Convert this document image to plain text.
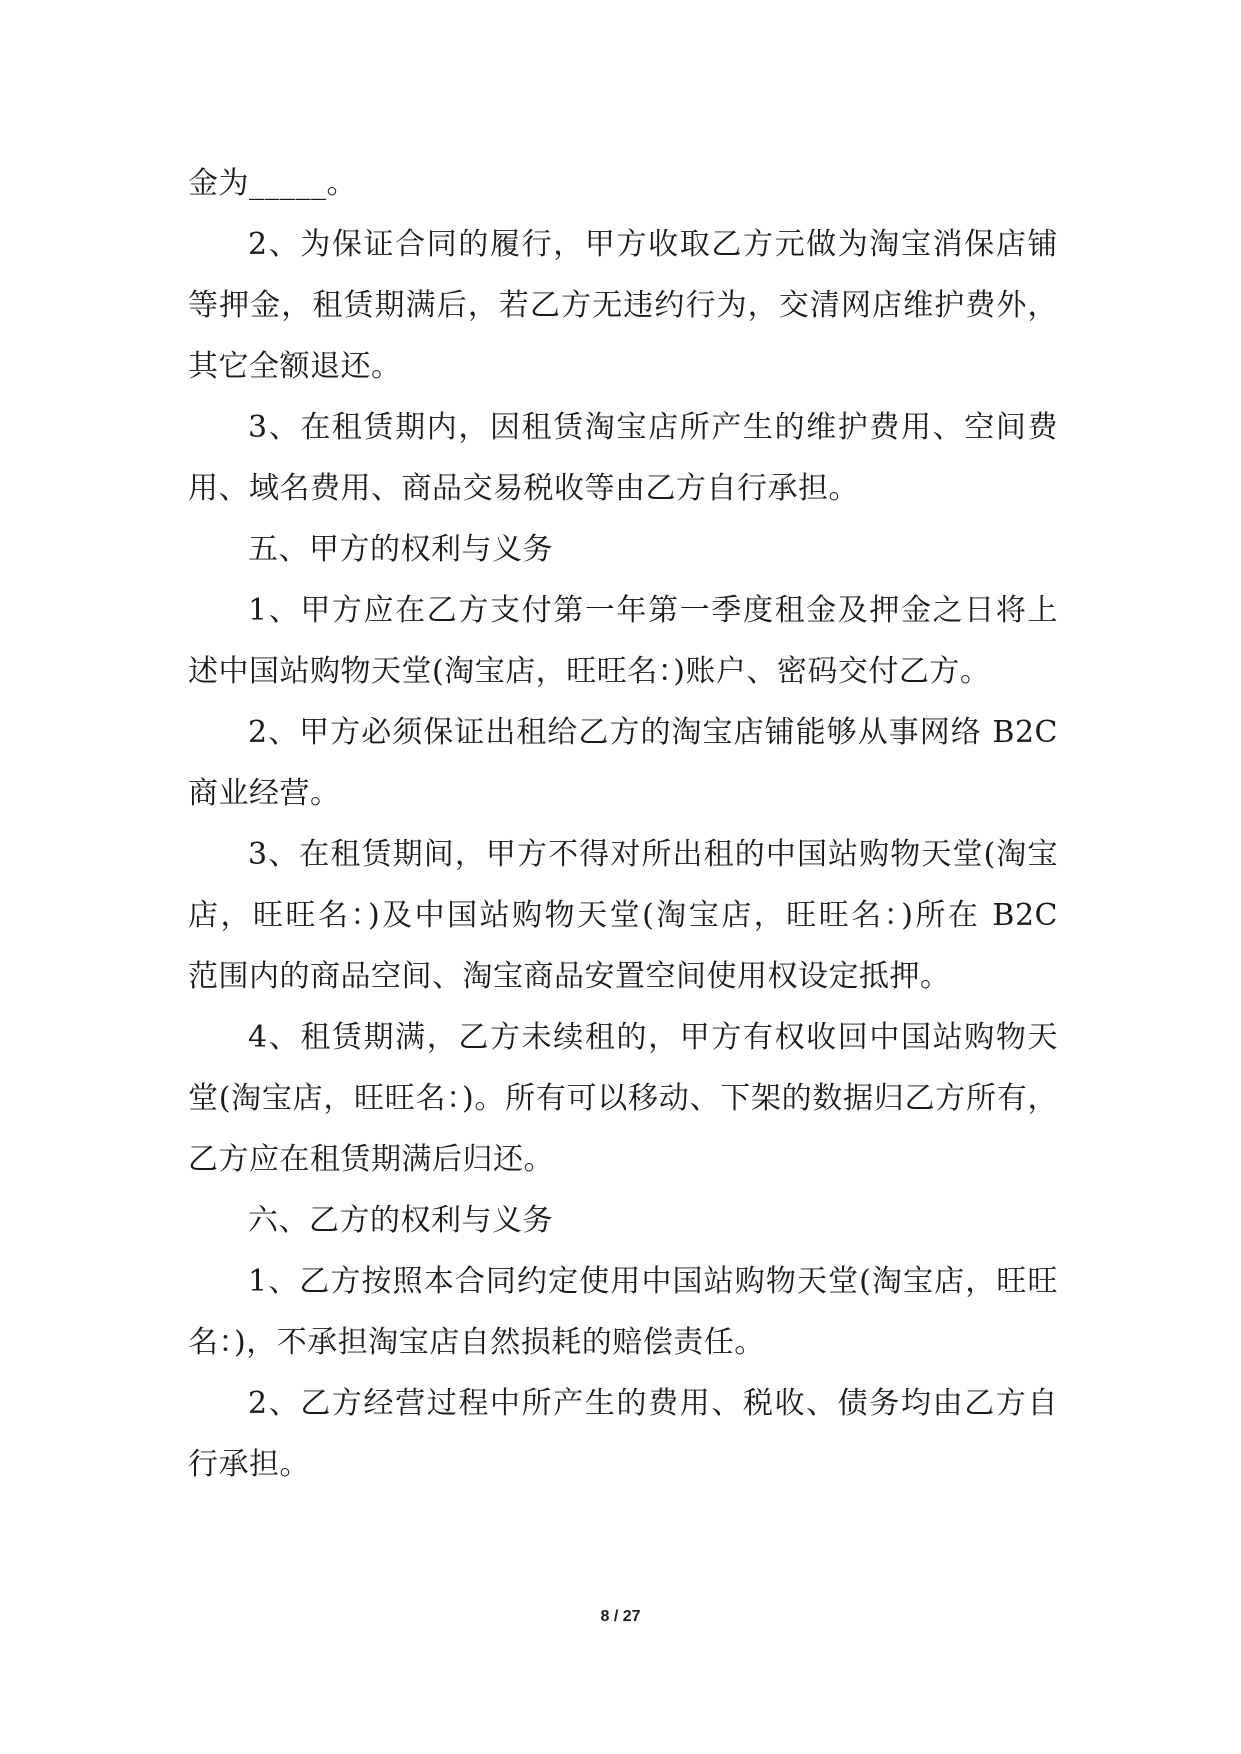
金为_____。
2、为保证合同的履行，甲方收取乙方元做为淘宝消保店铺
等押金，租赁期满后，若乙方无违约行为，交清网店维护费外，
其它全额退还。
3、在租赁期内，因租赁淘宝店所产生的维护费用、空间费
用、域名费用、商品交易税收等由乙方自行承担。
五、甲方的权利与义务
1、甲方应在乙方支付第一年第一季度租金及押金之日将上
述中国站购物天堂(淘宝店，旺旺名：)账户、密码交付乙方。
2、甲方必须保证出租给乙方的淘宝店铺能够从事网络 B2C
商业经营。
3、在租赁期间，甲方不得对所出租的中国站购物天堂(淘宝
店，旺旺名：)及中国站购物天堂(淘宝店，旺旺名：)所在 B2C
范围内的商品空间、淘宝商品安置空间使用权设定抵押。
4、租赁期满，乙方未续租的，甲方有权收回中国站购物天
堂(淘宝店，旺旺名：)。所有可以移动、下架的数据归乙方所有，
乙方应在租赁期满后归还。
六、乙方的权利与义务
1、乙方按照本合同约定使用中国站购物天堂(淘宝店，旺旺
名：)，不承担淘宝店自然损耗的赔偿责任。
2、乙方经营过程中所产生的费用、税收、债务均由乙方自
行承担。
8 / 27
